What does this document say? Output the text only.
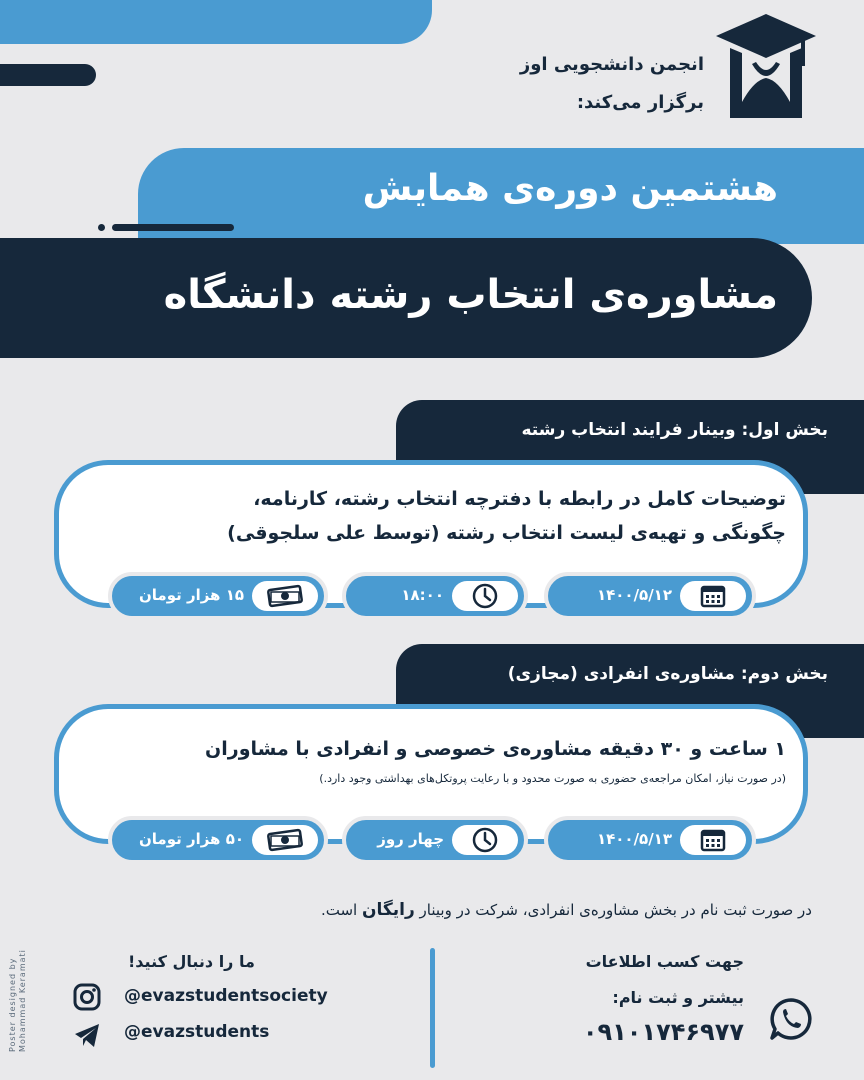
انجمن دانشجویی اوز
برگزار می‌کند:
هشتمین دوره‌ی همایش
مشاوره‌ی انتخاب رشته دانشگاه
بخش اول: وبینار فرایند انتخاب رشته
توضیحات کامل در رابطه با دفترچه انتخاب رشته، کارنامه،
چگونگی و تهیه‌ی لیست انتخاب رشته (توسط علی سلجوقی)
۱۴۰۰/۵/۱۲
۱۸:۰۰
۱۵ هزار تومان
بخش دوم: مشاوره‌ی انفرادی (مجازی)
۱ ساعت و ۳۰ دقیقه مشاوره‌ی خصوصی و انفرادی با مشاوران
(در صورت نیاز، امکان مراجعه‌ی حضوری به صورت محدود و با رعایت پروتکل‌های بهداشتی وجود دارد.)
۱۴۰۰/۵/۱۳
چهار روز
۵۰ هزار تومان
در صورت ثبت نام در بخش مشاوره‌ی انفرادی، شرکت در وبینار رایگان است.
جهت کسب اطلاعات
بیشتر و ثبت نام:
۰۹۱۰۱۷۴۶۹۷۷
ما را دنبال کنید!
@evazstudentsociety
@evazstudents
Poster designed by Mohammad Keramati
